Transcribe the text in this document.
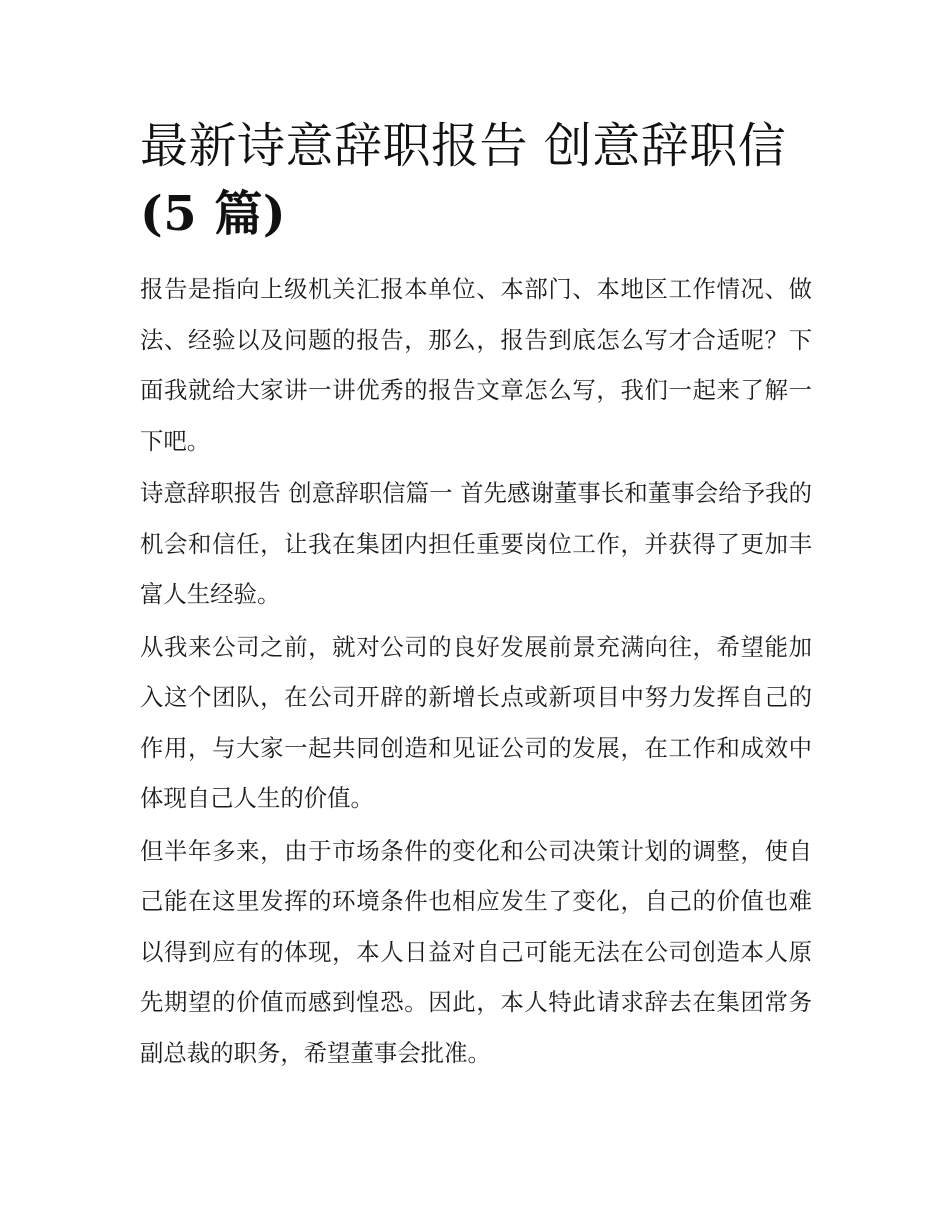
最新诗意辞职报告 创意辞职信
(5 篇)

报告是指向上级机关汇报本单位、本部门、本地区工作情况、做法、经验以及问题的报告，那么，报告到底怎么写才合适呢？下面我就给大家讲一讲优秀的报告文章怎么写，我们一起来了解一下吧。

诗意辞职报告 创意辞职信篇一 首先感谢董事长和董事会给予我的机会和信任，让我在集团内担任重要岗位工作，并获得了更加丰富人生经验。

从我来公司之前，就对公司的良好发展前景充满向往，希望能加入这个团队，在公司开辟的新增长点或新项目中努力发挥自己的作用，与大家一起共同创造和见证公司的发展，在工作和成效中体现自己人生的价值。

但半年多来，由于市场条件的变化和公司决策计划的调整，使自己能在这里发挥的环境条件也相应发生了变化，自己的价值也难以得到应有的体现，本人日益对自己可能无法在公司创造本人原先期望的价值而感到惶恐。因此，本人特此请求辞去在集团常务副总裁的职务，希望董事会批准。
